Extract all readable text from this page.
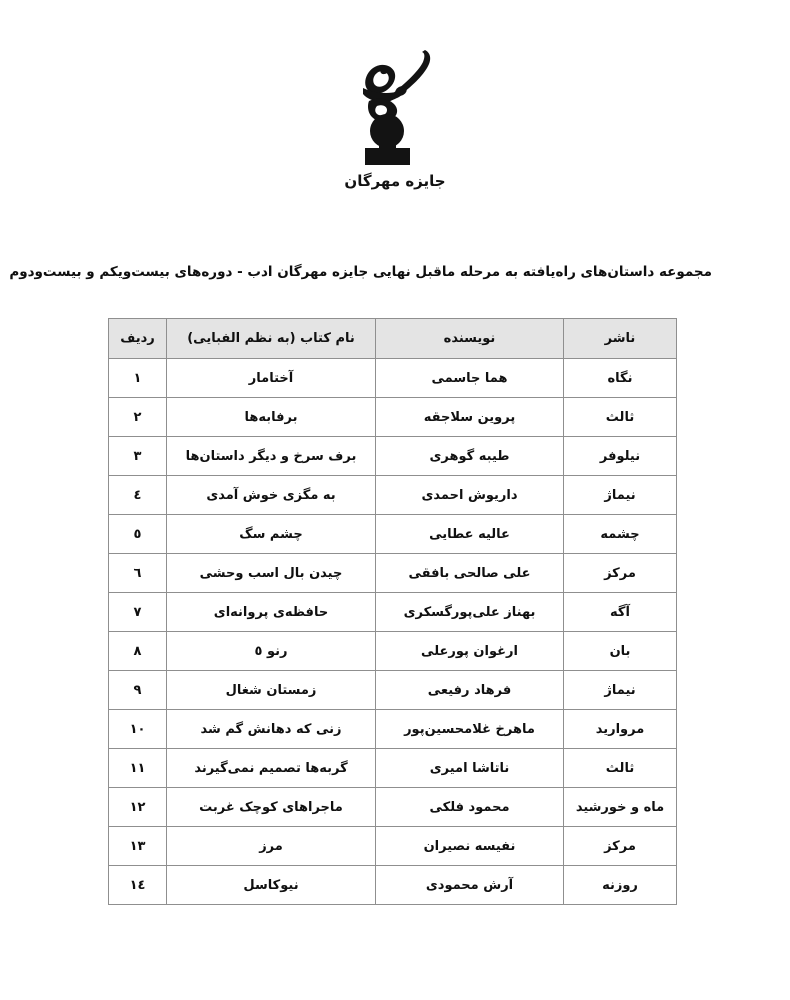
جایزه مهرگان
مجموعه داستان‌های راه‌یافته به مرحله ماقبل نهایی جایزه مهرگان ادب - دوره‌های بیست‌ویکم و بیست‌ودوم
ناشر	نویسنده	نام کتاب (به نظم الفبایی)	ردیف
نگاه	هما جاسمی	آختامار	١
ثالث	پروین سلاجقه	برفابه‌ها	٢
نیلوفر	طیبه گوهری	برف سرخ و دیگر داستان‌ها	٣
نیماژ	داریوش احمدی	به مگزی خوش آمدی	٤
چشمه	عالیه عطایی	چشم سگ	٥
مرکز	علی صالحی بافقی	چیدن بال اسب وحشی	٦
آگه	بهناز علی‌پورگسکری	حافظه‌ی پروانه‌ای	٧
بان	ارغوان پورعلی	رنو ٥	٨
نیماژ	فرهاد رفیعی	زمستان شغال	٩
مروارید	ماهرخ غلامحسین‌پور	زنی که دهانش گم شد	١٠
ثالث	ناتاشا امیری	گربه‌ها تصمیم نمی‌گیرند	١١
ماه و خورشید	محمود فلکی	ماجراهای کوچک غربت	١٢
مرکز	نفیسه نصیران	مرز	١٣
روزنه	آرش محمودی	نیوکاسل	١٤
